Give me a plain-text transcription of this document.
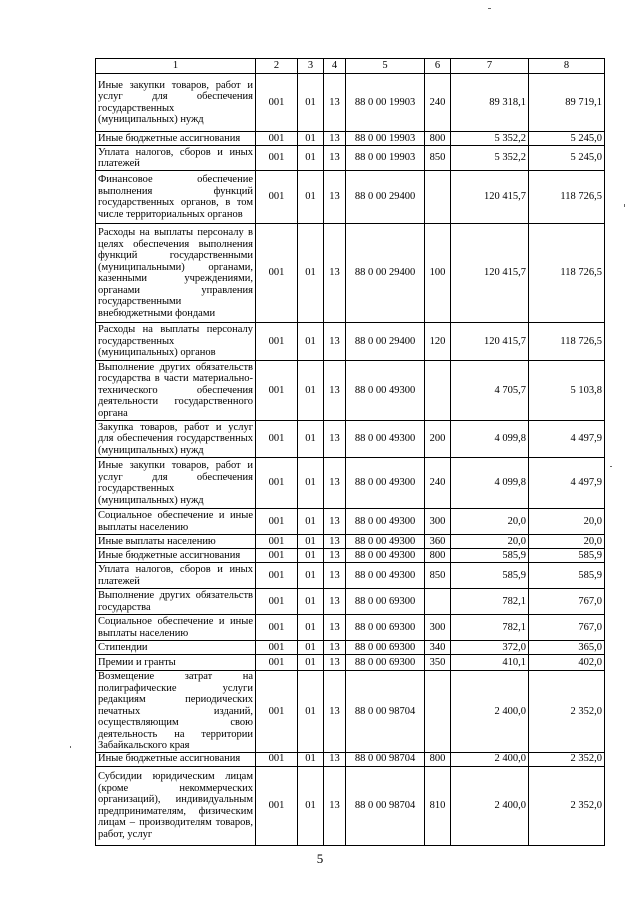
1	2	3	4	5	6	7	8
Иные закупки товаров, работ и услуг для обеспечения государственных (муниципальных) нужд	001	01	13	88 0 00 19903	240	89 318,1	89 719,1
Иные бюджетные ассигнования	001	01	13	88 0 00 19903	800	5 352,2	5 245,0
Уплата налогов, сборов и иных платежей	001	01	13	88 0 00 19903	850	5 352,2	5 245,0
Финансовое обеспечение выполнения функций государственных органов, в том числе территориальных органов	001	01	13	88 0 00 29400		120 415,7	118 726,5
Расходы на выплаты персоналу в целях обеспечения выполнения функций государственными (муниципальными) органами, казенными учреждениями, органами управления государственными внебюджетными фондами	001	01	13	88 0 00 29400	100	120 415,7	118 726,5
Расходы на выплаты персоналу государственных (муниципальных) органов	001	01	13	88 0 00 29400	120	120 415,7	118 726,5
Выполнение других обязательств государства в части материально-технического обеспечения деятельности государственного органа	001	01	13	88 0 00 49300		4 705,7	5 103,8
Закупка товаров, работ и услуг для обеспечения государственных (муниципальных) нужд	001	01	13	88 0 00 49300	200	4 099,8	4 497,9
Иные закупки товаров, работ и услуг для обеспечения государственных (муниципальных) нужд	001	01	13	88 0 00 49300	240	4 099,8	4 497,9
Социальное обеспечение и иные выплаты населению	001	01	13	88 0 00 49300	300	20,0	20,0
Иные выплаты населению	001	01	13	88 0 00 49300	360	20,0	20,0
Иные бюджетные ассигнования	001	01	13	88 0 00 49300	800	585,9	585,9
Уплата налогов, сборов и иных платежей	001	01	13	88 0 00 49300	850	585,9	585,9
Выполнение других обязательств государства	001	01	13	88 0 00 69300		782,1	767,0
Социальное обеспечение и иные выплаты населению	001	01	13	88 0 00 69300	300	782,1	767,0
Стипендии	001	01	13	88 0 00 69300	340	372,0	365,0
Премии и гранты	001	01	13	88 0 00 69300	350	410,1	402,0
Возмещение затрат на полиграфические услуги редакциям периодических печатных изданий, осуществляющим свою деятельность на территории Забайкальского края	001	01	13	88 0 00 98704		2 400,0	2 352,0
Иные бюджетные ассигнования	001	01	13	88 0 00 98704	800	2 400,0	2 352,0
Субсидии юридическим лицам (кроме некоммерческих организаций), индивидуальным предпринимателям, физическим лицам – производителям товаров, работ, услуг	001	01	13	88 0 00 98704	810	2 400,0	2 352,0
5
